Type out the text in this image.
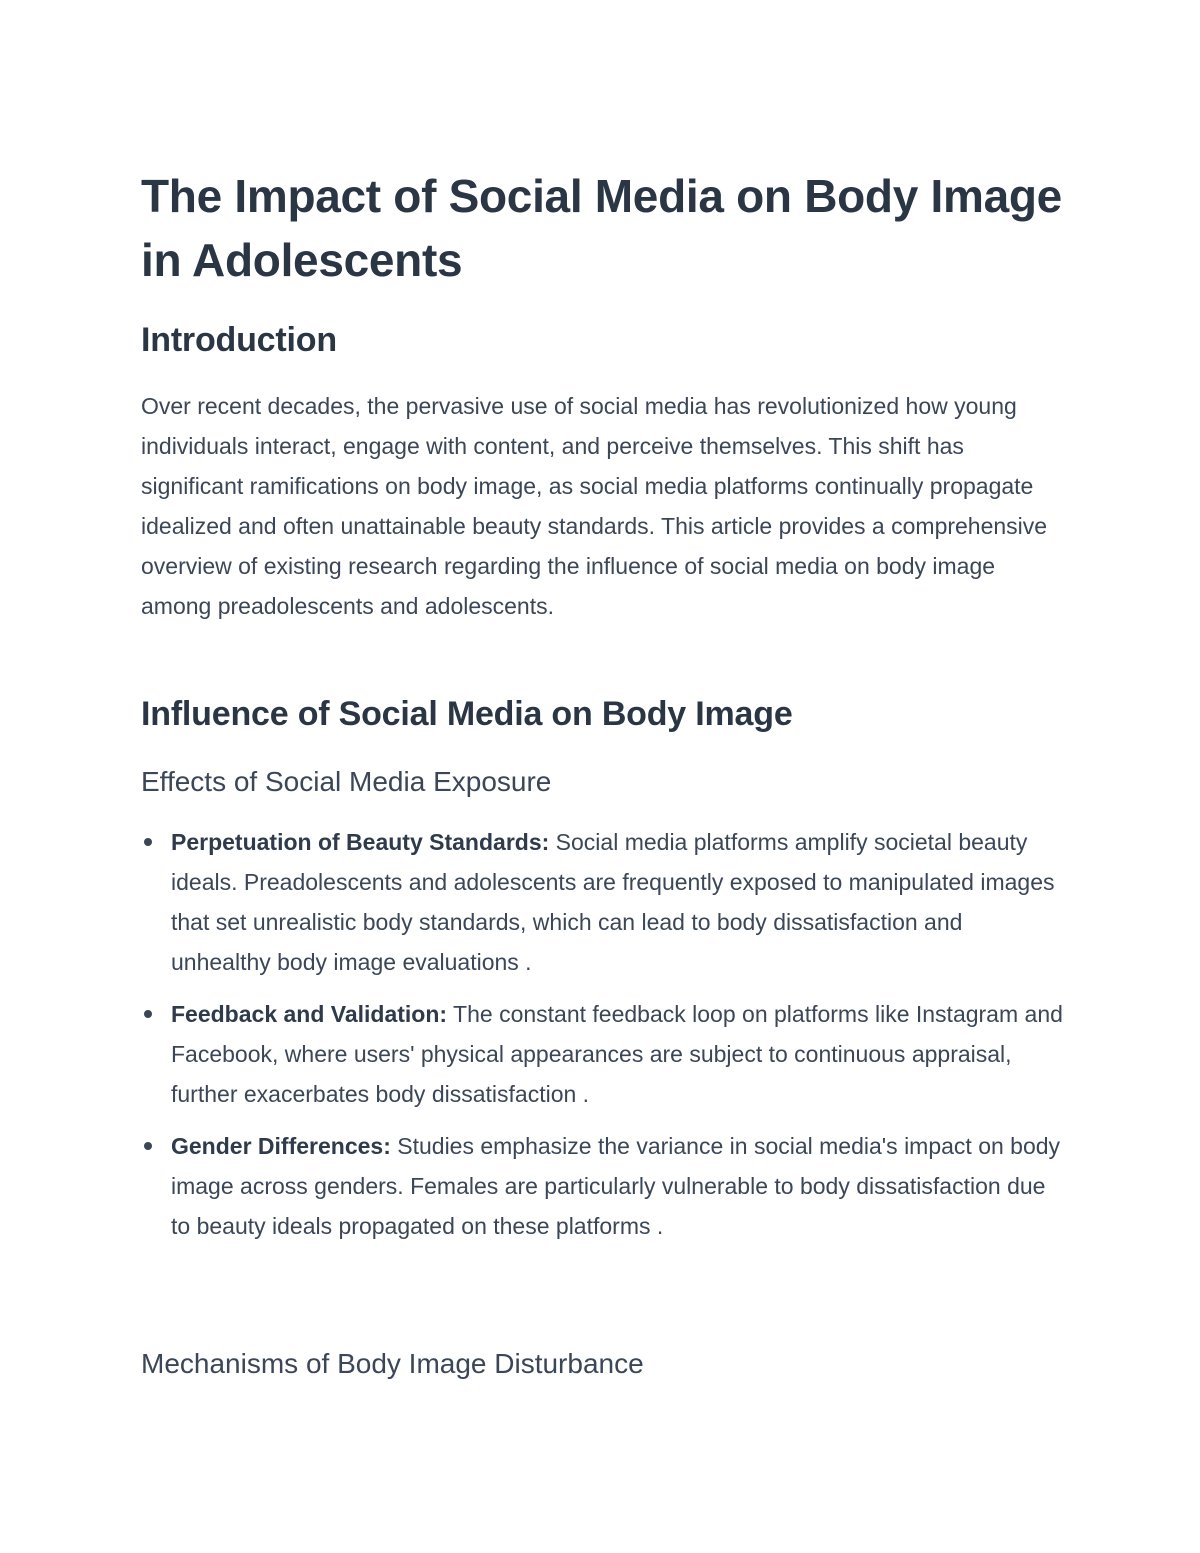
The Impact of Social Media on Body Image in Adolescents
Introduction

Over recent decades, the pervasive use of social media has revolutionized how young individuals interact, engage with content, and perceive themselves. This shift has significant ramifications on body image, as social media platforms continually propagate idealized and often unattainable beauty standards. This article provides a comprehensive overview of existing research regarding the influence of social media on body image among preadolescents and adolescents.

Influence of Social Media on Body Image
Effects of Social Media Exposure
Perpetuation of Beauty Standards: Social media platforms amplify societal beauty ideals. Preadolescents and adolescents are frequently exposed to manipulated images that set unrealistic body standards, which can lead to body dissatisfaction and unhealthy body image evaluations .
Feedback and Validation: The constant feedback loop on platforms like Instagram and Facebook, where users' physical appearances are subject to continuous appraisal, further exacerbates body dissatisfaction .
Gender Differences: Studies emphasize the variance in social media's impact on body image across genders. Females are particularly vulnerable to body dissatisfaction due to beauty ideals propagated on these platforms .
Mechanisms of Body Image Disturbance
